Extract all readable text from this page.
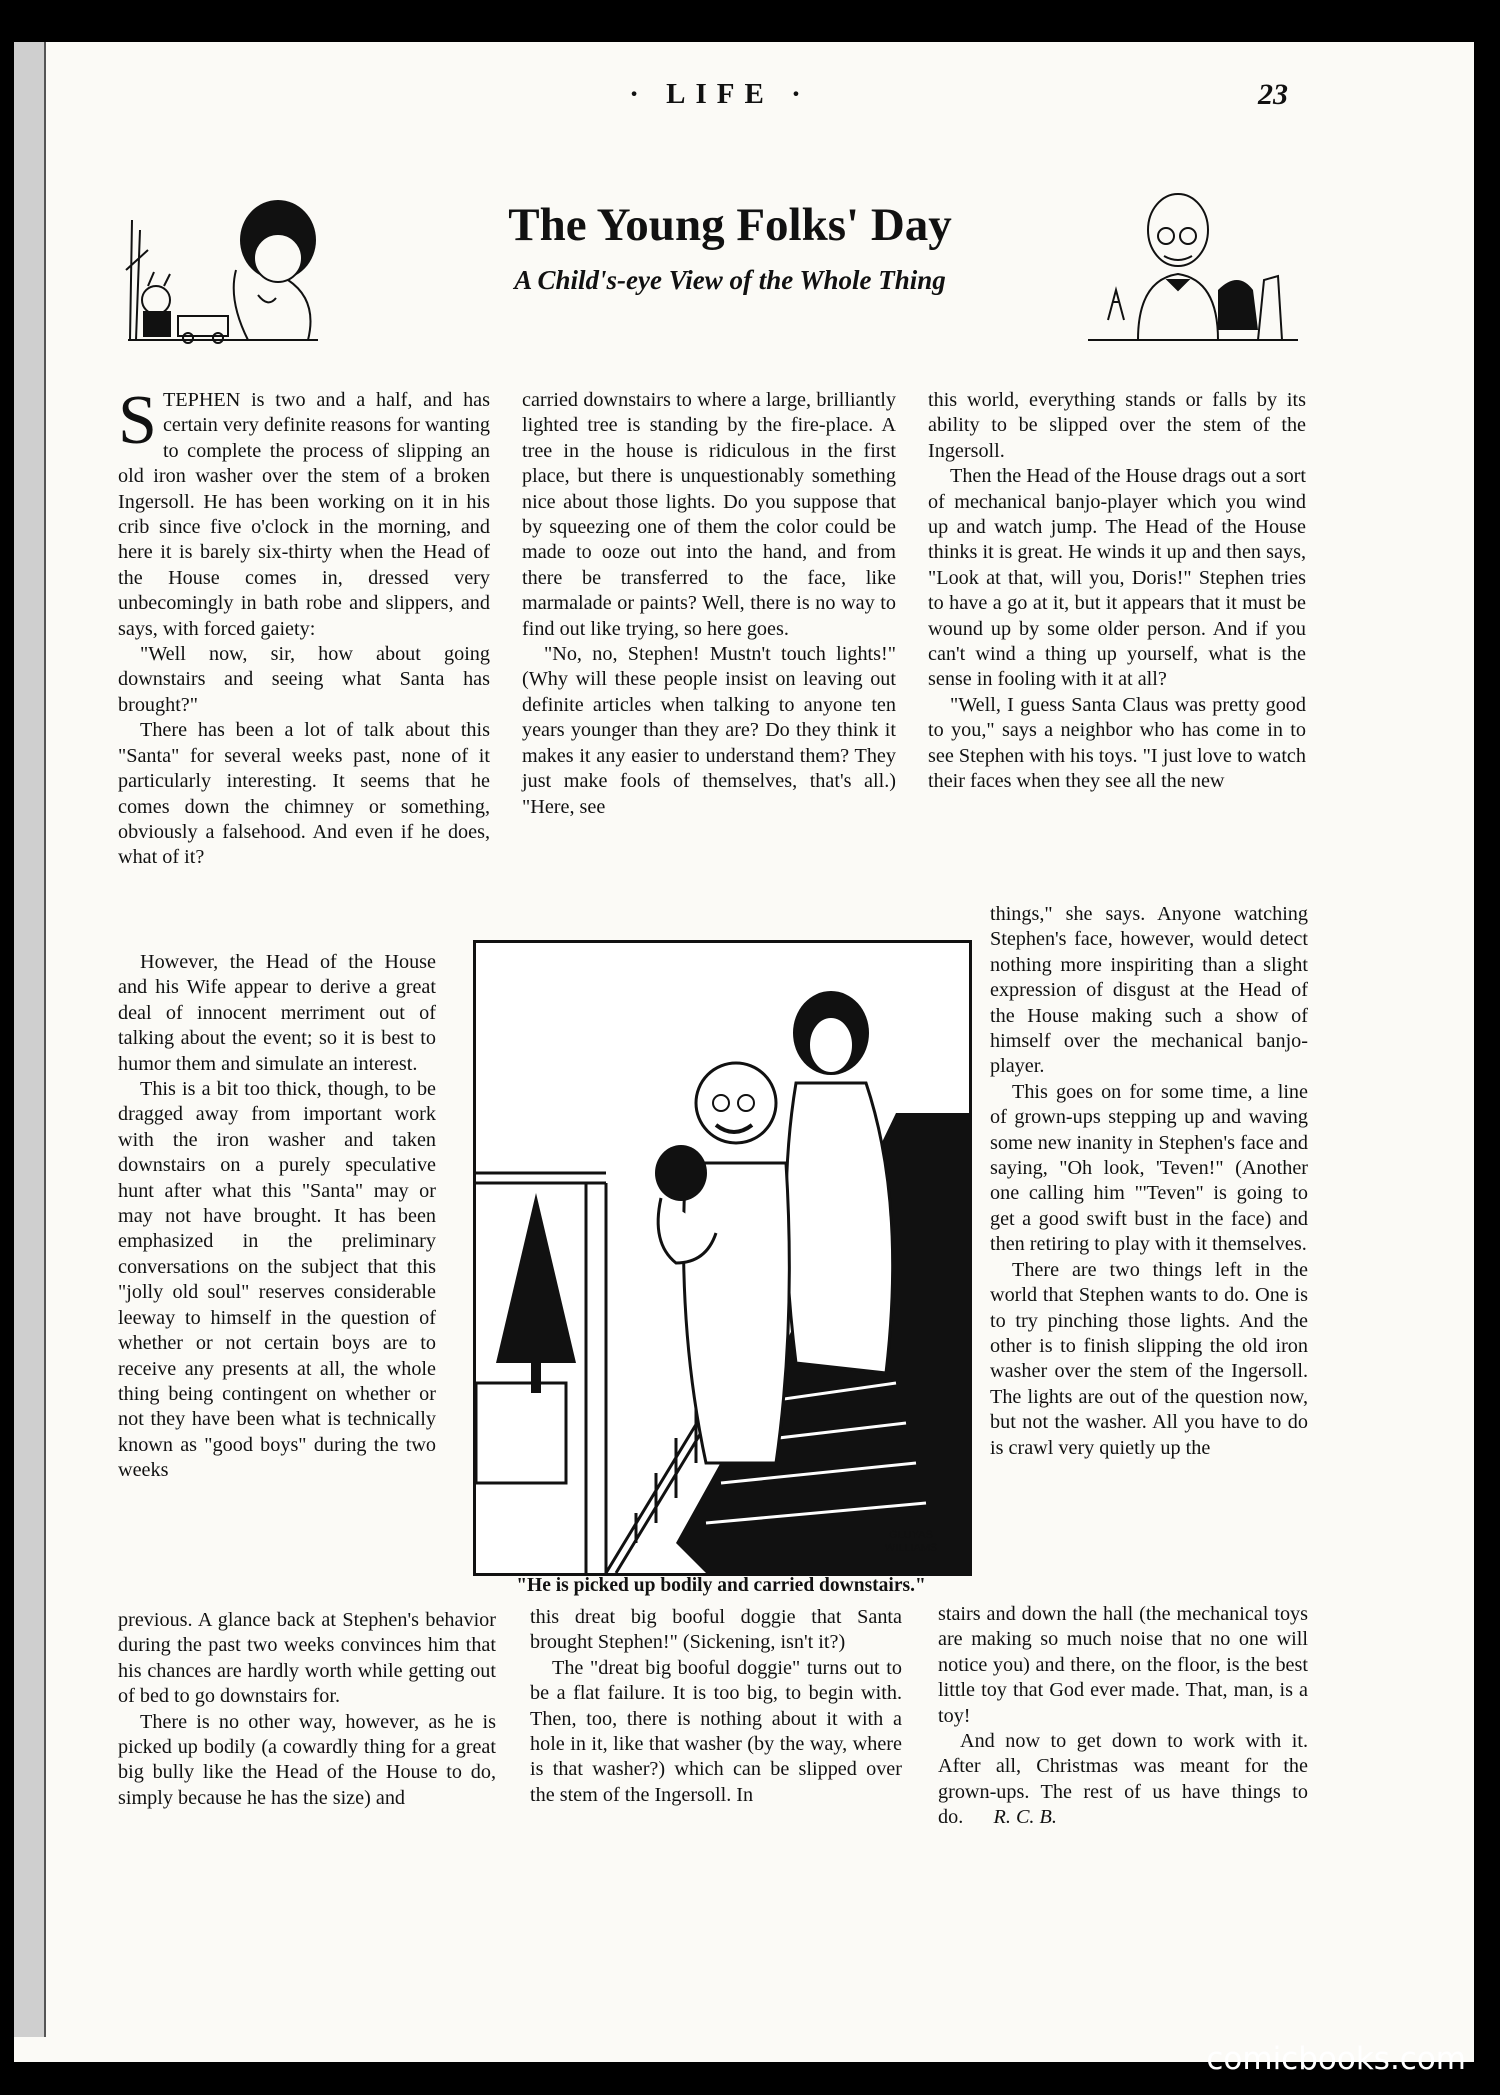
· LIFE ·	23
The Young Folks' Day
A Child's-eye View of the Whole Thing

STEPHEN is two and a half, and has certain very definite reasons for wanting to complete the process of slipping an old iron washer over the stem of a broken Ingersoll. He has been working on it in his crib since five o'clock in the morning, and here it is barely six-thirty when the Head of the House comes in, dressed very unbecomingly in bath robe and slippers, and says, with forced gaiety:

"Well now, sir, how about going downstairs and seeing what Santa has brought?"

There has been a lot of talk about this "Santa" for several weeks past, none of it particularly interesting. It seems that he comes down the chimney or something, obviously a falsehood. And even if he does, what of it?

However, the Head of the House and his Wife appear to derive a great deal of innocent merriment out of talking about the event; so it is best to humor them and simulate an interest.

This is a bit too thick, though, to be dragged away from important work with the iron washer and taken downstairs on a purely speculative hunt after what this "Santa" may or may not have brought. It has been emphasized in the preliminary conversations on the subject that this "jolly old soul" reserves considerable leeway to himself in the question of whether or not certain boys are to receive any presents at all, the whole thing being contingent on whether or not they have been what is technically known as "good boys" during the two weeks

previous. A glance back at Stephen's behavior during the past two weeks convinces him that his chances are hardly worth while getting out of bed to go downstairs for.

There is no other way, however, as he is picked up bodily (a cowardly thing for a great big bully like the Head of the House to do, simply because he has the size) and

carried downstairs to where a large, brilliantly lighted tree is standing by the fire-place. A tree in the house is ridiculous in the first place, but there is unquestionably something nice about those lights. Do you suppose that by squeezing one of them the color could be made to ooze out into the hand, and from there be transferred to the face, like marmalade or paints? Well, there is no way to find out like trying, so here goes.

"No, no, Stephen! Mustn't touch lights!" (Why will these people insist on leaving out definite articles when talking to anyone ten years younger than they are? Do they think it makes it any easier to understand them? They just make fools of themselves, that's all.) "Here, see

this dreat big booful doggie that Santa brought Stephen!" (Sickening, isn't it?)

The "dreat big booful doggie" turns out to be a flat failure. It is too big, to begin with. Then, too, there is nothing about it with a hole in it, like that washer (by the way, where is that washer?) which can be slipped over the stem of the Ingersoll. In

this world, everything stands or falls by its ability to be slipped over the stem of the Ingersoll.

Then the Head of the House drags out a sort of mechanical banjo-player which you wind up and watch jump. The Head of the House thinks it is great. He winds it up and then says, "Look at that, will you, Doris!" Stephen tries to have a go at it, but it appears that it must be wound up by some older person. And if you can't wind a thing up yourself, what is the sense in fooling with it at all?

"Well, I guess Santa Claus was pretty good to you," says a neighbor who has come in to see Stephen with his toys. "I just love to watch their faces when they see all the new

things," she says. Anyone watching Stephen's face, however, would detect nothing more inspiriting than a slight expression of disgust at the Head of the House making such a show of himself over the mechanical banjo-player.

This goes on for some time, a line of grown-ups stepping up and waving some new inanity in Stephen's face and saying, "Oh look, 'Teven!" (Another one calling him "'Teven" is going to get a good swift bust in the face) and then retiring to play with it themselves.

There are two things left in the world that Stephen wants to do. One is to try pinching those lights. And the other is to finish slipping the old iron washer over the stem of the Ingersoll. The lights are out of the question now, but not the washer. All you have to do is crawl very quietly up the

stairs and down the hall (the mechanical toys are making so much noise that no one will notice you) and there, on the floor, is the best little toy that God ever made. That, man, is a toy!

And now to get down to work with it. After all, Christmas was meant for the grown-ups. The rest of us have things to do. R. C. B.

GLUYAS
WILLIAMS
"He is picked up bodily and carried downstairs."
comicbooks.com
